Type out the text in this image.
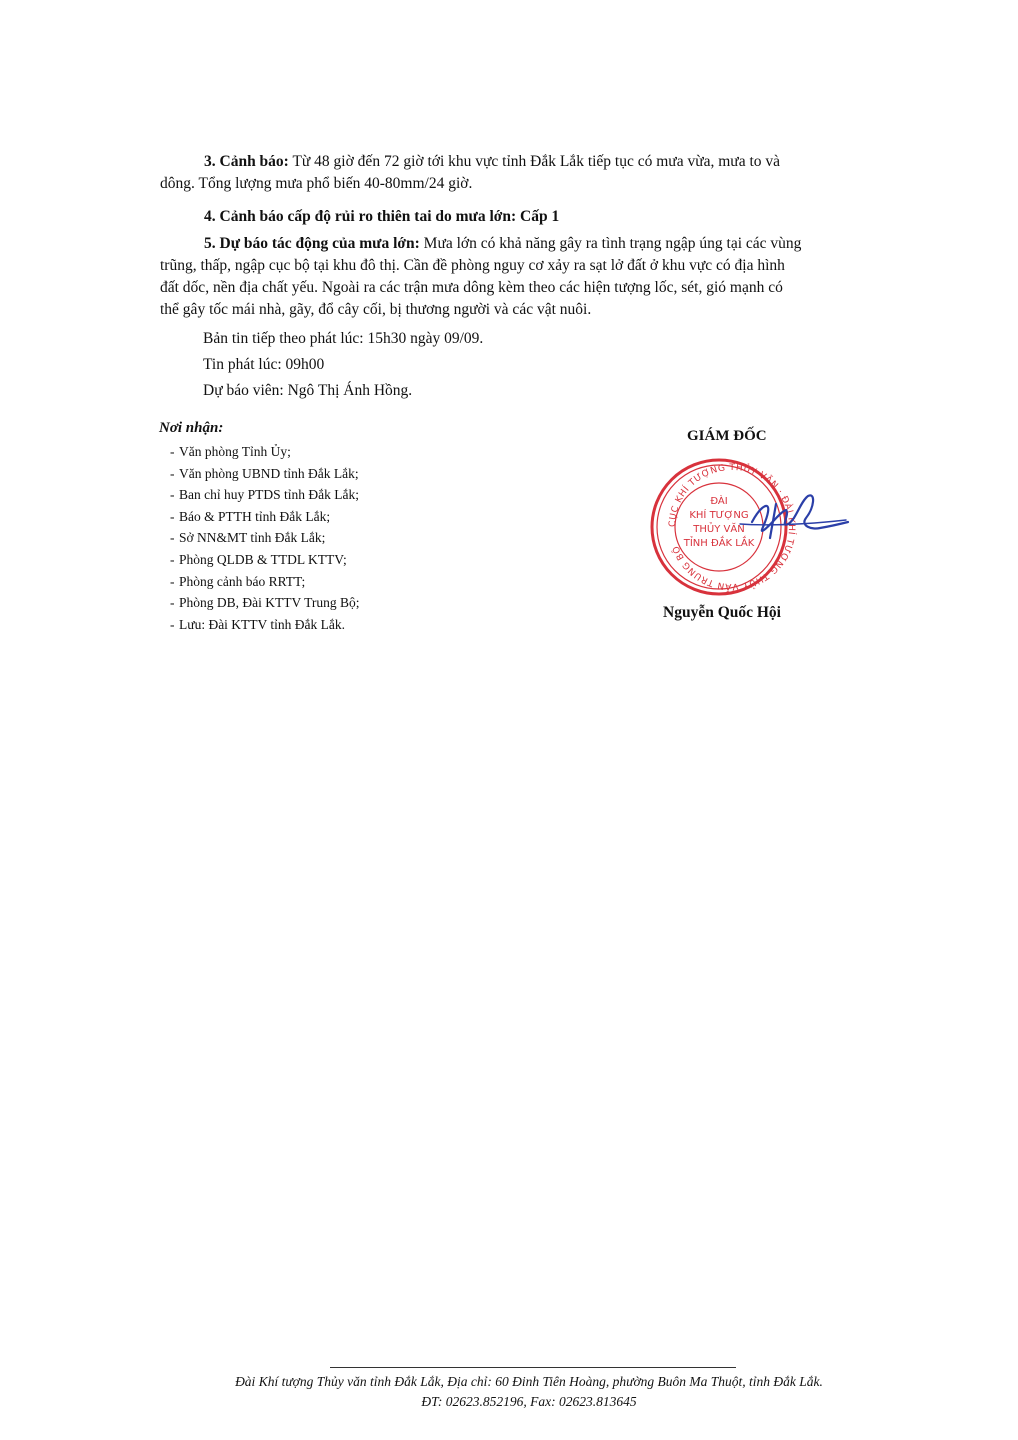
3. Cảnh báo: Từ 48 giờ đến 72 giờ tới khu vực tỉnh Đắk Lắk tiếp tục có mưa vừa, mưa to và
dông. Tổng lượng mưa phổ biến 40-80mm/24 giờ.

4. Cảnh báo cấp độ rủi ro thiên tai do mưa lớn: Cấp 1

5. Dự báo tác động của mưa lớn: Mưa lớn có khả năng gây ra tình trạng ngập úng tại các vùng
trũng, thấp, ngập cục bộ tại khu đô thị. Cần đề phòng nguy cơ xảy ra sạt lở đất ở khu vực có địa hình
đất dốc, nền địa chất yếu. Ngoài ra các trận mưa dông kèm theo các hiện tượng lốc, sét, gió mạnh có
thể gây tốc mái nhà, gãy, đổ cây cối, bị thương người và các vật nuôi.

Bản tin tiếp theo phát lúc: 15h30 ngày 09/09.

Tin phát lúc: 09h00

Dự báo viên: Ngô Thị Ánh Hồng.

Nơi nhận:

- Văn phòng Tỉnh Ủy;
- Văn phòng UBND tỉnh Đắk Lắk;
- Ban chỉ huy PTDS tỉnh Đắk Lắk;
- Báo & PTTH tỉnh Đắk Lắk;
- Sở NN&MT tỉnh Đắk Lắk;
- Phòng QLDB & TTDL KTTV;
- Phòng cảnh báo RRTT;
- Phòng DB, Đài KTTV Trung Bộ;
- Lưu: Đài KTTV tỉnh Đắk Lắk.
GIÁM ĐỐC
CỤC KHÍ TƯỢNG THỦY VĂN · ĐÀI KHÍ TƯỢNG THỦY VĂN TRUNG BỘ
ĐÀI
KHÍ TƯỢNG
THỦY VĂN
TỈNH ĐẮK LẮK
Nguyễn Quốc Hội
Đài Khí tượng Thủy văn tỉnh Đắk Lắk, Địa chỉ: 60 Đinh Tiên Hoàng, phường Buôn Ma Thuột, tỉnh Đắk Lắk.
ĐT: 02623.852196, Fax: 02623.813645
